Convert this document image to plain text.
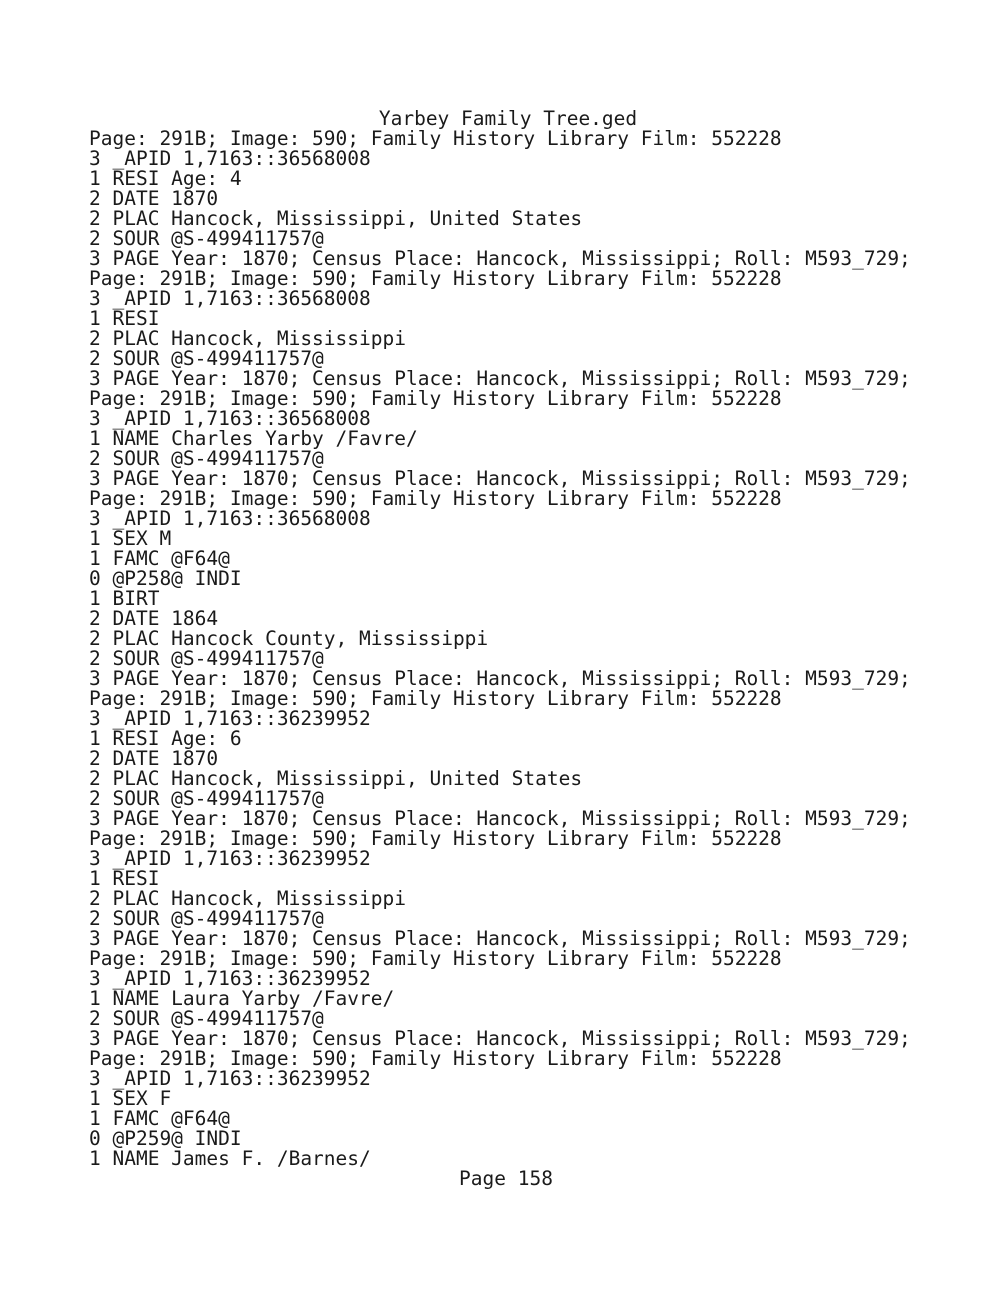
Yarbey Family Tree.ged
Page: 291B; Image: 590; Family History Library Film: 552228
3 _APID 1,7163::36568008
1 RESI Age: 4
2 DATE 1870
2 PLAC Hancock, Mississippi, United States
2 SOUR @S-499411757@
3 PAGE Year: 1870; Census Place: Hancock, Mississippi; Roll: M593_729;
Page: 291B; Image: 590; Family History Library Film: 552228
3 _APID 1,7163::36568008
1 RESI
2 PLAC Hancock, Mississippi
2 SOUR @S-499411757@
3 PAGE Year: 1870; Census Place: Hancock, Mississippi; Roll: M593_729;
Page: 291B; Image: 590; Family History Library Film: 552228
3 _APID 1,7163::36568008
1 NAME Charles Yarby /Favre/
2 SOUR @S-499411757@
3 PAGE Year: 1870; Census Place: Hancock, Mississippi; Roll: M593_729;
Page: 291B; Image: 590; Family History Library Film: 552228
3 _APID 1,7163::36568008
1 SEX M
1 FAMC @F64@
0 @P258@ INDI
1 BIRT
2 DATE 1864
2 PLAC Hancock County, Mississippi
2 SOUR @S-499411757@
3 PAGE Year: 1870; Census Place: Hancock, Mississippi; Roll: M593_729;
Page: 291B; Image: 590; Family History Library Film: 552228
3 _APID 1,7163::36239952
1 RESI Age: 6
2 DATE 1870
2 PLAC Hancock, Mississippi, United States
2 SOUR @S-499411757@
3 PAGE Year: 1870; Census Place: Hancock, Mississippi; Roll: M593_729;
Page: 291B; Image: 590; Family History Library Film: 552228
3 _APID 1,7163::36239952
1 RESI
2 PLAC Hancock, Mississippi
2 SOUR @S-499411757@
3 PAGE Year: 1870; Census Place: Hancock, Mississippi; Roll: M593_729;
Page: 291B; Image: 590; Family History Library Film: 552228
3 _APID 1,7163::36239952
1 NAME Laura Yarby /Favre/
2 SOUR @S-499411757@
3 PAGE Year: 1870; Census Place: Hancock, Mississippi; Roll: M593_729;
Page: 291B; Image: 590; Family History Library Film: 552228
3 _APID 1,7163::36239952
1 SEX F
1 FAMC @F64@
0 @P259@ INDI
1 NAME James F. /Barnes/
Page 158
